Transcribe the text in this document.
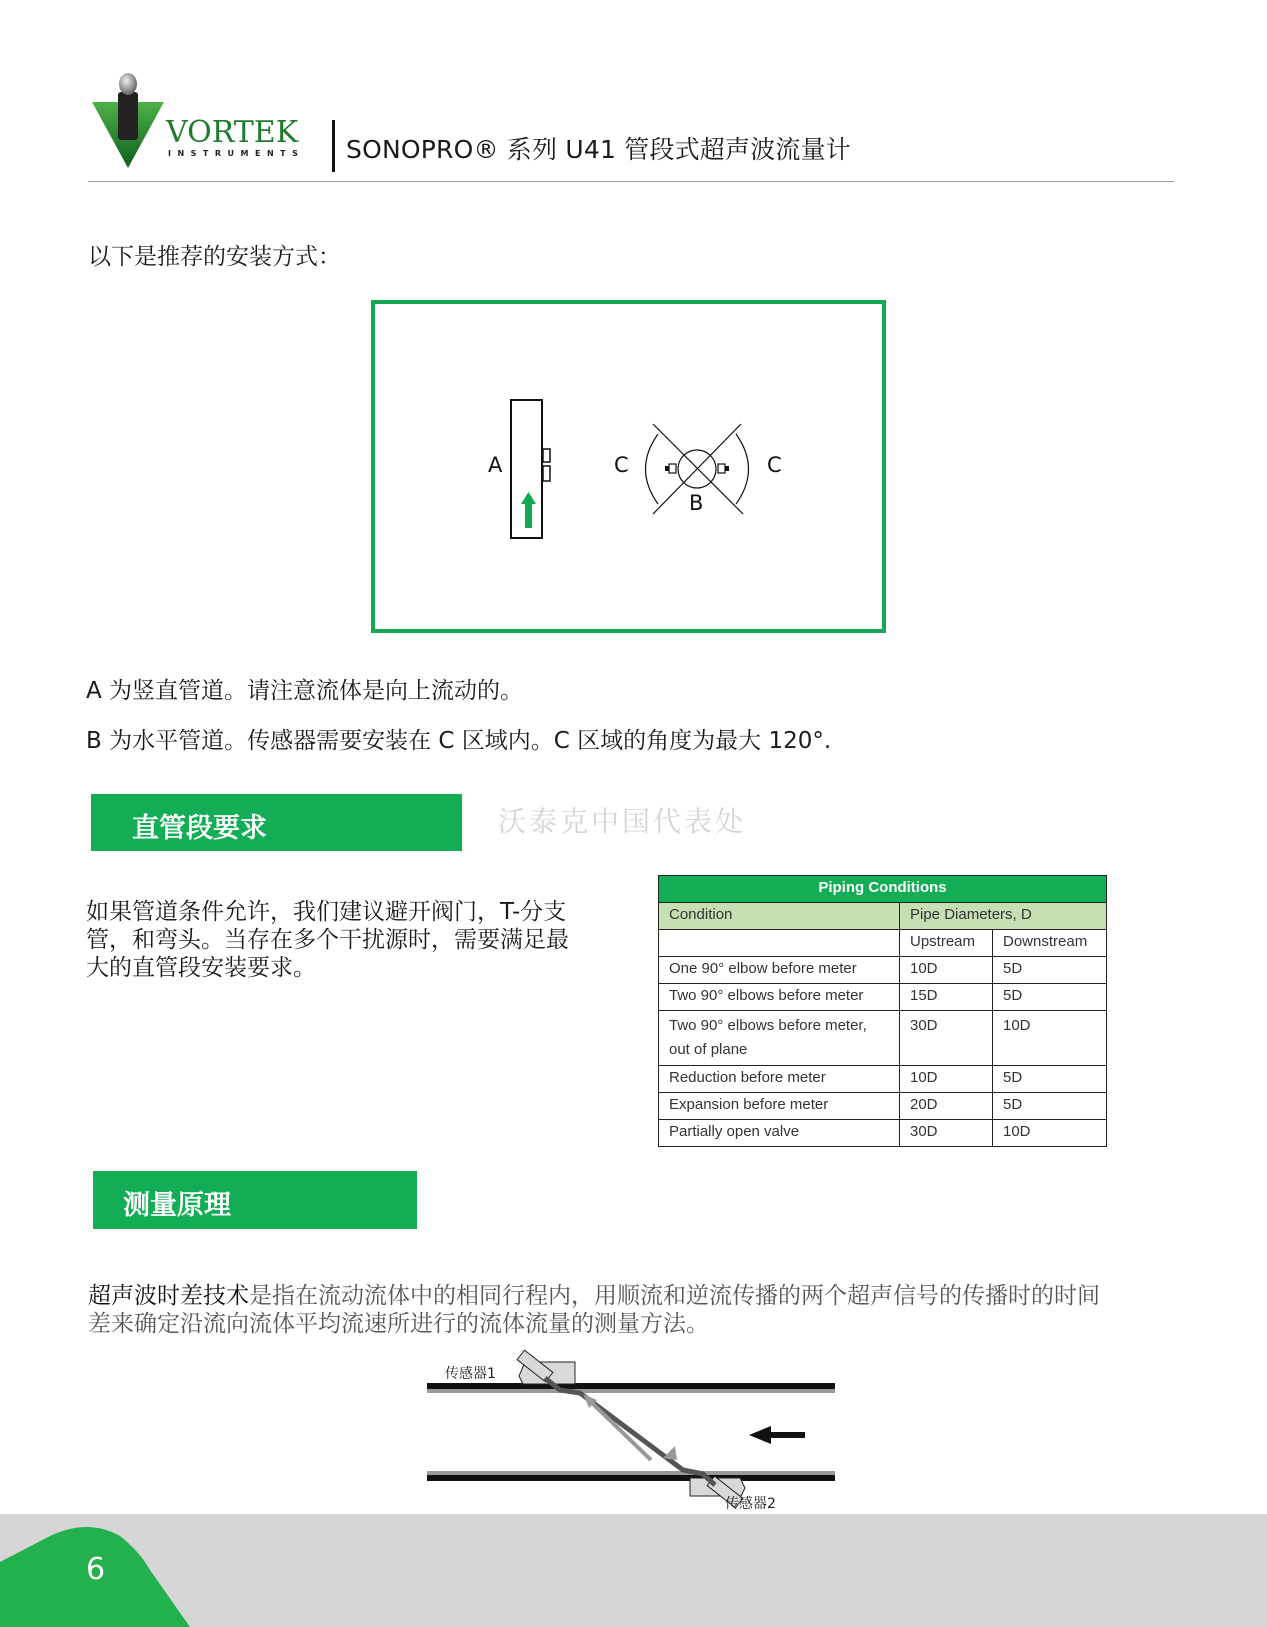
VORTEK
INSTRUMENTS SONOPRO® 系列 U41 管段式超声波流量计
以下是推荐的安装方式：
A	C	C
B
A 为竖直管道。请注意流体是向上流动的。
B 为水平管道。传感器需要安装在 C 区域内。C 区域的角度为最大 120°.
直管段要求	沃泰克中国代表处
如果管道条件允许，我们建议避开阀门，T-分支管，和弯头。当存在多个干扰源时，需要满足最大的直管段安装要求。
Piping Conditions		
Condition	Pipe Diameters, D	
	Upstream	Downstream
One 90° elbow before meter	10D	5D
Two 90° elbows before meter	15D	5D
Two 90° elbows before meter, out of plane	30D	10D
Reduction before meter	10D	5D
Expansion before meter	20D	5D
Partially open valve	30D	10D
测量原理
超声波时差技术是指在流动流体中的相同行程内，用顺流和逆流传播的两个超声信号的传播时的时间差来确定沿流向流体平均流速所进行的流体流量的测量方法。
传感器1
传感器2
6
